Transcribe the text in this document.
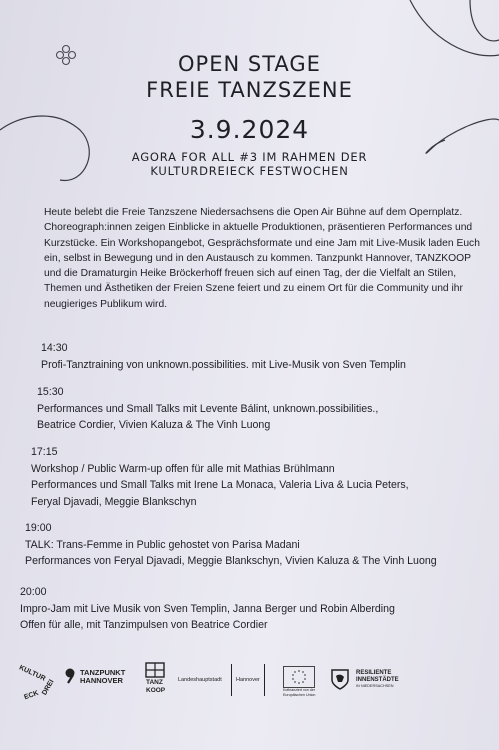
OPEN STAGE
FREIE TANZSZENE
3.9.2024
AGORA FOR ALL #3 IM RAHMEN DER
KULTURDREIECK FESTWOCHEN
Heute belebt die Freie Tanzszene Niedersachsens die Open Air Bühne auf dem Opernplatz. Choreograph:innen zeigen Einblicke in aktuelle Produktionen, präsentieren Performances und Kurzstücke. Ein Workshopangebot, Gesprächsformate und eine Jam mit Live-Musik laden Euch ein, selbst in Bewegung und in den Austausch zu kommen. Tanzpunkt Hannover, TANZKOOP und die Dramaturgin Heike Bröckerhoff freuen sich auf einen Tag, der die Vielfalt an Stilen, Themen und Ästhetiken der Freien Szene feiert und zu einem Ort für die Community und ihr neugieriges Publikum wird.
14:30
Profi-Tanztraining von unknown.possibilities. mit Live-Musik von Sven Templin
15:30
Performances und Small Talks mit Levente Bálint, unknown.possibilities.,
Beatrice Cordier, Vivien Kaluza & The Vinh Luong
17:15
Workshop / Public Warm-up offen für alle mit Mathias Brühlmann
Performances und Small Talks mit Irene La Monaca, Valeria Liva & Lucia Peters,
Feryal Djavadi, Meggie Blankschyn
19:00
TALK: Trans-Femme in Public gehostet von Parisa Madani
Performances von Feryal Djavadi, Meggie Blankschyn, Vivien Kaluza & The Vinh Luong
20:00
Impro-Jam mit Live Musik von Sven Templin, Janna Berger und Robin Alberding
Offen für alle, mit Tanzimpulsen von Beatrice Cordier
KULTUR
DREI
ECK
TANZPUNKT
HANNOVER	TANZ
KOOP
Landeshauptstadt	Hannover
Kofinanziert von der Europäischen Union
RESILIENTE
INNENSTÄDTE
IN NIEDERSACHSEN
